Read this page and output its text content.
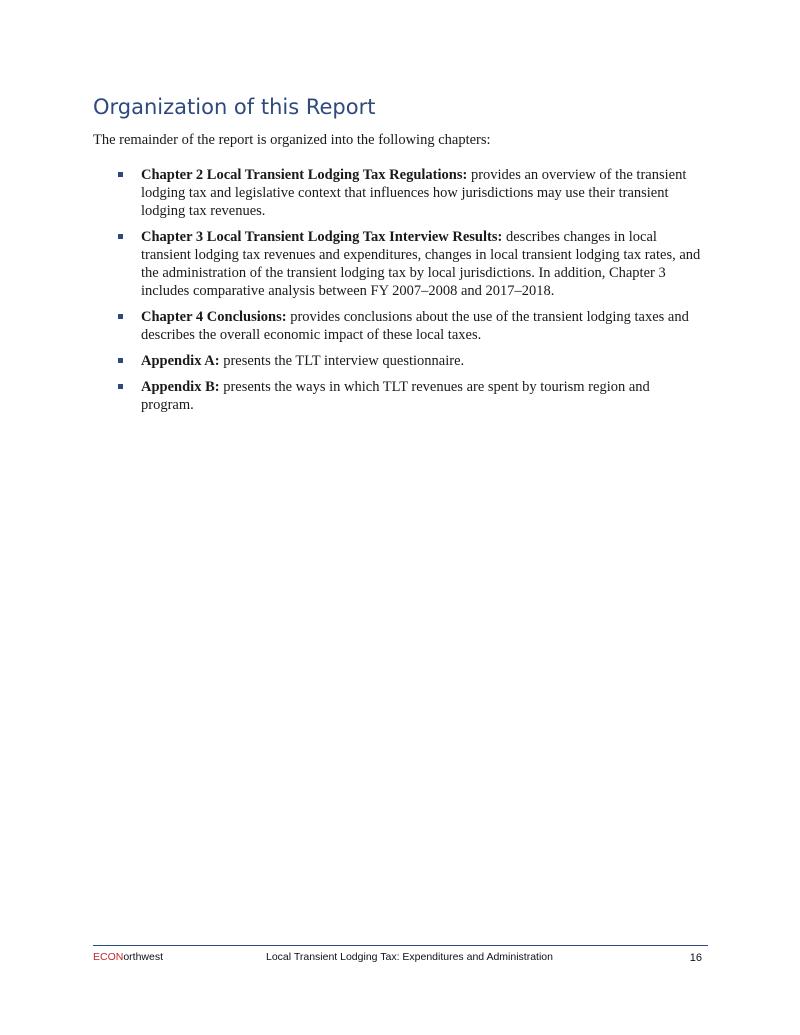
Organization of this Report

The remainder of the report is organized into the following chapters:

Chapter 2 Local Transient Lodging Tax Regulations: provides an overview of the transient lodging tax and legislative context that influences how jurisdictions may use their transient lodging tax revenues.
Chapter 3 Local Transient Lodging Tax Interview Results: describes changes in local transient lodging tax revenues and expenditures, changes in local transient lodging tax rates, and the administration of the transient lodging tax by local jurisdictions. In addition, Chapter 3 includes comparative analysis between FY 2007–2008 and 2017–2018.
Chapter 4 Conclusions: provides conclusions about the use of the transient lodging taxes and describes the overall economic impact of these local taxes.
Appendix A: presents the TLT interview questionnaire.
Appendix B: presents the ways in which TLT revenues are spent by tourism region and program.
ECONorthwest	Local Transient Lodging Tax: Expenditures and Administration	16
